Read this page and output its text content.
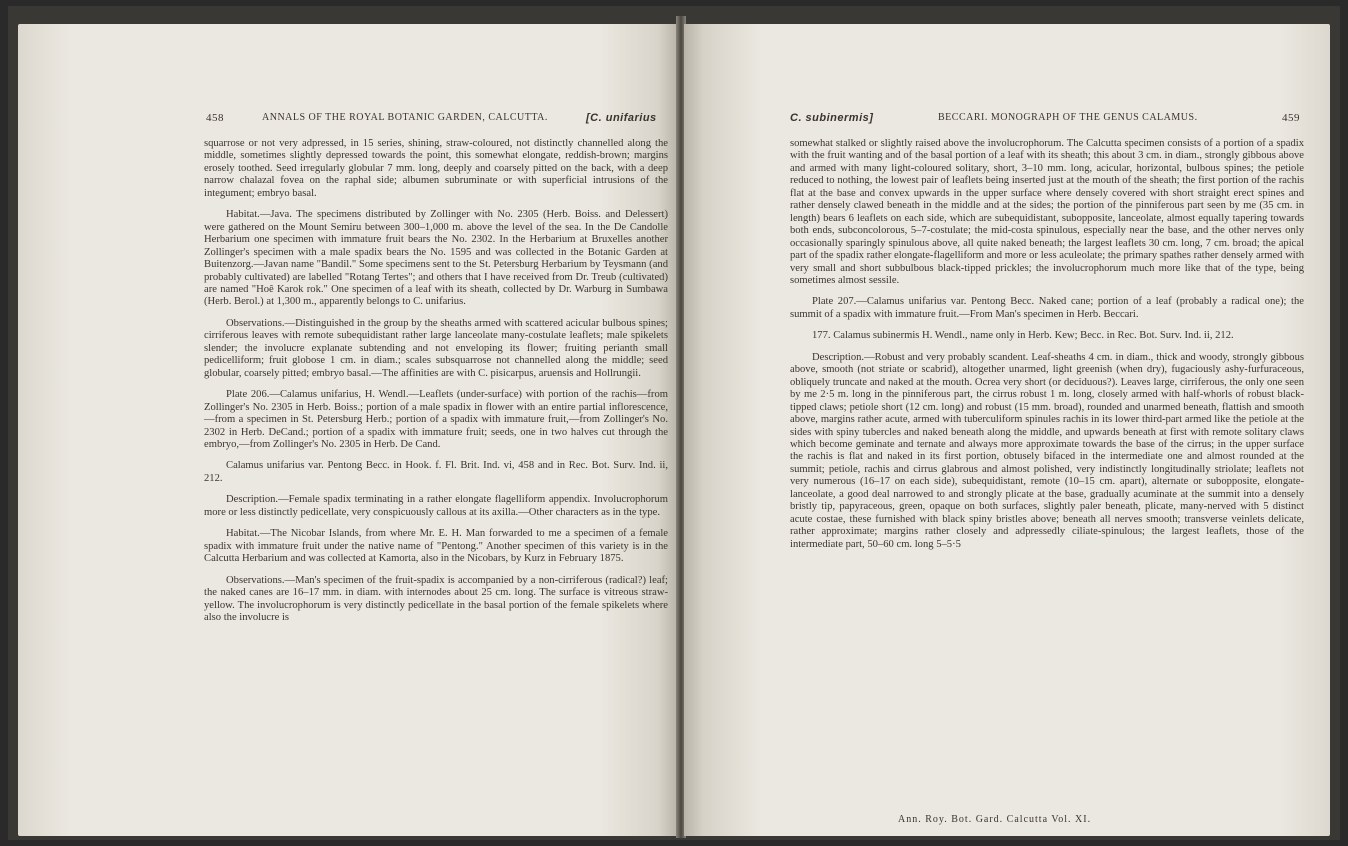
458	ANNALS OF THE ROYAL BOTANIC GARDEN, CALCUTTA.	[C. unifarius

squarrose or not very adpressed, in 15 series, shining, straw-coloured, not distinctly channelled along the middle, sometimes slightly depressed towards the point, this somewhat elongate, reddish-brown; margins erosely toothed. Seed irregularly globular 7 mm. long, deeply and coarsely pitted on the back, with a deep narrow chalazal fovea on the raphal side; albumen subruminate or with superficial intrusions of the integument; embryo basal.

Habitat.—Java. The specimens distributed by Zollinger with No. 2305 (Herb. Boiss. and Delessert) were gathered on the Mount Semiru between 300–1,000 m. above the level of the sea. In the De Candolle Herbarium one specimen with immature fruit bears the No. 2302. In the Herbarium at Bruxelles another Zollinger's specimen with a male spadix bears the No. 1595 and was collected in the Botanic Garden at Buitenzorg.—Javan name "Bandil." Some specimens sent to the St. Petersburg Herbarium by Teysmann (and probably cultivated) are labelled "Rotang Tertes"; and others that I have received from Dr. Treub (cultivated) are named "Hoê Karok rok." One specimen of a leaf with its sheath, collected by Dr. Warburg in Sumbawa (Herb. Berol.) at 1,300 m., apparently belongs to C. unifarius.

Observations.—Distinguished in the group by the sheaths armed with scattered acicular bulbous spines; cirriferous leaves with remote subequidistant rather large lanceolate many-costulate leaflets; male spikelets slender; the involucre explanate subtending and not enveloping its flower; fruiting perianth small pedicelliform; fruit globose 1 cm. in diam.; scales subsquarrose not channelled along the middle; seed globular, coarsely pitted; embryo basal.—The affinities are with C. pisicarpus, aruensis and Hollrungii.

Plate 206.—Calamus unifarius, H. Wendl.—Leaflets (under-surface) with portion of the rachis—from Zollinger's No. 2305 in Herb. Boiss.; portion of a male spadix in flower with an entire partial inflorescence,—from a specimen in St. Petersburg Herb.; portion of a spadix with immature fruit,—from Zollinger's No. 2302 in Herb. DeCand.; portion of a spadix with immature fruit; seeds, one in two halves cut through the embryo,—from Zollinger's No. 2305 in Herb. De Cand.

Calamus unifarius var. Pentong Becc. in Hook. f. Fl. Brit. Ind. vi, 458 and in Rec. Bot. Surv. Ind. ii, 212.

Description.—Female spadix terminating in a rather elongate flagelliform appendix. Involucrophorum more or less distinctly pedicellate, very conspicuously callous at its axilla.—Other characters as in the type.

Habitat.—The Nicobar Islands, from where Mr. E. H. Man forwarded to me a specimen of a female spadix with immature fruit under the native name of "Pentong." Another specimen of this variety is in the Calcutta Herbarium and was collected at Kamorta, also in the Nicobars, by Kurz in February 1875.

Observations.—Man's specimen of the fruit-spadix is accompanied by a non-cirriferous (radical?) leaf; the naked canes are 16–17 mm. in diam. with internodes about 25 cm. long. The surface is vitreous straw-yellow. The involucrophorum is very distinctly pedicellate in the basal portion of the female spikelets where also the involucre is

C. subinermis]	BECCARI. MONOGRAPH OF THE GENUS CALAMUS.	459

somewhat stalked or slightly raised above the involucrophorum. The Calcutta specimen consists of a portion of a spadix with the fruit wanting and of the basal portion of a leaf with its sheath; this about 3 cm. in diam., strongly gibbous above and armed with many light-coloured solitary, short, 3–10 mm. long, acicular, horizontal, bulbous spines; the petiole reduced to nothing, the lowest pair of leaflets being inserted just at the mouth of the sheath; the first portion of the rachis flat at the base and convex upwards in the upper surface where densely covered with short straight erect spines and rather densely clawed beneath in the middle and at the sides; the portion of the pinniferous part seen by me (35 cm. in length) bears 6 leaflets on each side, which are subequidistant, subopposite, lanceolate, almost equally tapering towards both ends, subconcolorous, 5–7-costulate; the mid-costa spinulous, especially near the base, and the other nerves only occasionally sparingly spinulous above, all quite naked beneath; the largest leaflets 30 cm. long, 7 cm. broad; the apical part of the spadix rather elongate-flagelliform and more or less aculeolate; the primary spathes rather densely armed with very small and short subbulbous black-tipped prickles; the involucrophorum much more like that of the type, being sometimes almost sessile.

Plate 207.—Calamus unifarius var. Pentong Becc. Naked cane; portion of a leaf (probably a radical one); the summit of a spadix with immature fruit.—From Man's specimen in Herb. Beccari.

177. Calamus subinermis H. Wendl., name only in Herb. Kew; Becc. in Rec. Bot. Surv. Ind. ii, 212.

Description.—Robust and very probably scandent. Leaf-sheaths 4 cm. in diam., thick and woody, strongly gibbous above, smooth (not striate or scabrid), altogether unarmed, light greenish (when dry), fugaciously ashy-furfuraceous, obliquely truncate and naked at the mouth. Ocrea very short (or deciduous?). Leaves large, cirriferous, the only one seen by me 2·5 m. long in the pinniferous part, the cirrus robust 1 m. long, closely armed with half-whorls of robust black-tipped claws; petiole short (12 cm. long) and robust (15 mm. broad), rounded and unarmed beneath, flattish and smooth above, margins rather acute, armed with tuberculiform spinules rachis in its lower third-part armed like the petiole at the sides with spiny tubercles and naked beneath along the middle, and upwards beneath at first with remote solitary claws which become geminate and ternate and always more approximate towards the base of the cirrus; in the upper surface the rachis is flat and naked in its first portion, obtusely bifaced in the intermediate one and almost rounded at the summit; petiole, rachis and cirrus glabrous and almost polished, very indistinctly longitudinally striolate; leaflets not very numerous (16–17 on each side), subequidistant, remote (10–15 cm. apart), alternate or subopposite, elongate-lanceolate, a good deal narrowed to and strongly plicate at the base, gradually acuminate at the summit into a densely bristly tip, papyraceous, green, opaque on both surfaces, slightly paler beneath, plicate, many-nerved with 5 distinct acute costae, these furnished with black spiny bristles above; beneath all nerves smooth; transverse veinlets delicate, rather approximate; margins rather closely and adpressedly ciliate-spinulous; the largest leaflets, those of the intermediate part, 50–60 cm. long 5–5·5

Ann. Roy. Bot. Gard. Calcutta Vol. XI.
